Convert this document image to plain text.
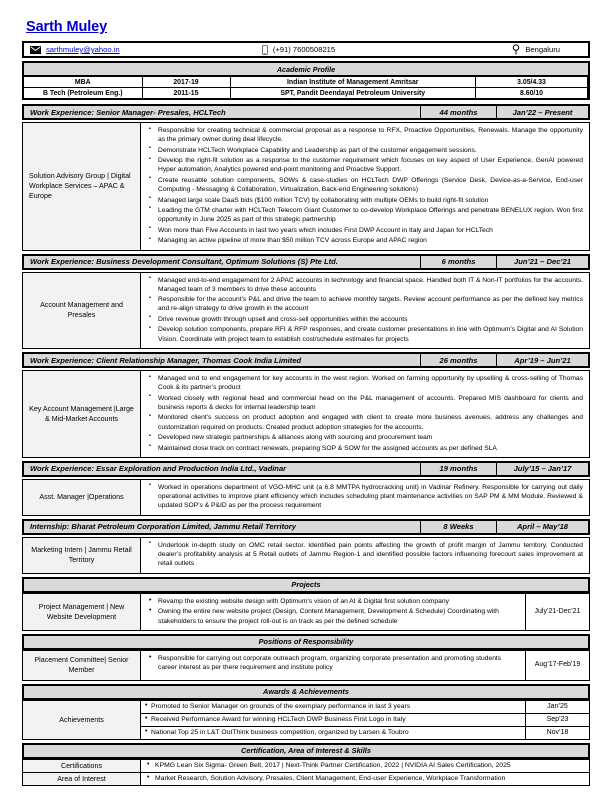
Sarth Muley
sarthmuley@yahoo.in	(+91) 7600508215	Bengaluru
Academic Profile
MBA	2017-19	Indian Institute of Management Amritsar	3.05/4.33
B Tech (Petroleum Eng.)	2011-15	SPT, Pandit Deendayal Petroleum University	8.60/10
Work Experience: Senior Manager- Presales, HCLTech	44 months	Jan’22 – Present
Solution Advisory Group | Digital Workplace Services – APAC & Europe
▪ Responsible for creating technical & commercial proposal as a response to RFX, Proactive Opportunities, Renewals. Manage the opportunity as the primary owner during deal lifecycle.
▪ Demonstrate HCLTech Workplace Capability and Leadership as part of the customer engagement sessions.
▪ Develop the right-fit solution as a response to the customer requirement which focuses on key aspect of User Experience, GenAI powered Hyper automation, Analytics powered end-point monitoring and Proactive Support.
▪ Create reusable solution components, SOWs & case-studies on HCLTech DWP Offerings (Service Desk, Device-as-a-Service, End-user Computing - Messaging & Collaboration, Virtualization, Back-end Engineering solutions)
▪ Managed large scale DaaS bids ($100 million TCV) by collaborating with multiple OEMs to build right-fit solution
▪ Leading the GTM charter with HCLTech Telecom Giant Customer to co-develop Workplace Offerings and penetrate BENELUX region. Won first opportunity in June 2025 as part of this strategic partnership
▪ Won more than Five Accounts in last two years which includes First DWP Account in Italy and Japan for HCLTech
▪ Managing an active pipeline of more than $50 million TCV across Europe and APAC region
Work Experience: Business Development Consultant, Optimum Solutions (S) Pte Ltd.	6 months	Jun’21 – Dec’21
Account Management and Presales
▪ Managed end-to-end engagement for 2 APAC accounts in technology and financial space. Handled both IT & Non-IT portfolios for the accounts. Managed team of 3 members to drive these accounts
▪ Responsible for the account’s P&L and drive the team to achieve monthly targets. Review account performance as per the defined key metrics and re-align strategy to drive growth in the account
▪ Drive revenue growth through upsell and cross-sell opportunities within the accounts
▪ Develop solution components, prepare RFI & RFP responses, and create customer presentations in line with Optimum’s Digital and AI Solution Vision. Coordinate with project team to establish cost/schedule estimates for projects
Work Experience: Client Relationship Manager, Thomas Cook India Limited	26 months	Apr’19 – Jun’21
Key Account Management |Large & Mid-Market Accounts
▪ Managed end to end engagement for key accounts in the west region. Worked on farming opportunity by upselling & cross-selling of Thomas Cook & its partner’s product
▪ Worked closely with regional head and commercial head on the P&L management of accounts. Prepared MIS dashboard for clients and business reports & decks for internal leadership team
▪ Monitored client’s success on product adoption and engaged with client to create more business avenues, address any challenges and customization required on products. Created product adoption strategies for the accounts.
▪ Developed new strategic partnerships & alliances along with sourcing and procurement team
▪ Maintained close track on contract renewals, preparing SOP & SOW for the assigned accounts as per defined SLA
Work Experience: Essar Exploration and Production India Ltd., Vadinar	19 months	July’15 – Jan’17
Asst. Manager |Operations
▪ Worked in operations department of VGO-MHC unit (a 6.8 MMTPA hydrocracking unit) in Vadinar Refinery. Responsible for carrying out daily operational activities to improve plant efficiency which includes scheduling plant maintenance activities on SAP PM & MM Module. Reviewed & updated SOP’s & P&ID as per the process requirement
Internship: Bharat Petroleum Corporation Limited, Jammu Retail Territory	8 Weeks	April – May’18
Marketing Intern | Jammu Retail Territory
▪ Undertook in-depth study on OMC retail sector. Identified pain points affecting the growth of profit margin of Jammu territory. Conducted dealer’s profitability analysis at 5 Retail outlets of Jammu Region-1 and identified possible factors influencing forecourt sales improvement at retail outlets
Projects
Project Management | New Website Development
• Revamp the existing website design with Optimum’s vision of an AI & Digital first solution company
• Owning the entire new website project (Design, Content Management, Development & Schedule) Coordinating with stakeholders to ensure the project roll-out is on track as per the defined schedule
July’21-Dec’21
Positions of Responsibility
Placement Committee| Senior Member
• Responsible for carrying out corporate outreach program, organizing corporate presentation and promoting students career interest as per there requirement and institute policy	Aug’17-Feb’19
Awards & Achievements
Achievements
• Promoted to Senior Manager on grounds of the exemplary performance in last 3 years	Jan’25
• Received Performance Award for winning HCLTech DWP Business First Logo in Italy	Sep’23
• National Top 25 in L&T OutThink business competition, organized by Larsen & Toubro	Nov’18
Certification, Area of Interest & Skills
Certifications	• KPMG Lean Six Sigma- Green Belt, 2017 | Next-Think Partner Certification, 2022 | NVIDIA AI Sales Certification, 2025
Area of Interest	• Market Research, Solution Advisory, Presales, Client Management, End-user Experience, Workplace Transformation
